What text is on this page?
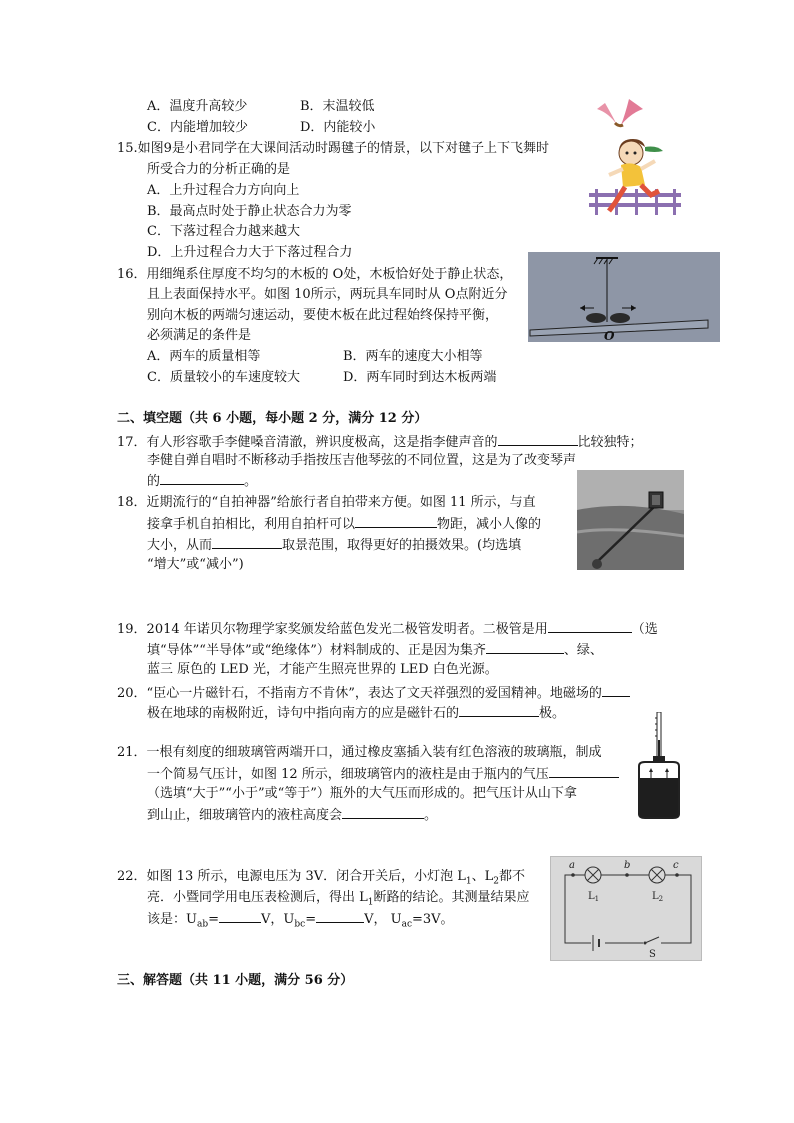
A．温度升高较少	B．末温较低
C．内能增加较少	D．内能较小
15.如图9是小君同学在大课间活动时踢毽子的情景，以下对毽子上下飞舞时
所受合力的分析正确的是
A．上升过程合力方向向上
B．最高点时处于静止状态合力为零
C．下落过程合力越来越大
D．上升过程合力大于下落过程合力
O
16．用细绳系住厚度不均匀的木板的 O处，木板恰好处于静止状态，
且上表面保持水平。如图 10所示，两玩具车同时从 O点附近分
别向木板的两端匀速运动，要使木板在此过程始终保持平衡，
必须满足的条件是
A．两车的质量相等	B．两车的速度大小相等
C．质量较小的车速度较大	D．两车同时到达木板两端
二、填空题（共 6 小题，每小题 2 分，满分 12 分）
17．有人形容歌手李健嗓音清澈，辨识度极高，这是指李健声音的	比较独特；
李健自弹自唱时不断移动手指按压吉他琴弦的不同位置，这是为了改变琴声
的	。
18．近期流行的“自拍神器”给旅行者自拍带来方便。如图 11 所示，与直
接拿手机自拍相比，利用自拍杆可以	物距，减小人像的
大小，从而	取景范围，取得更好的拍摄效果。(均选填
“增大”或“减小”)
19．2014 年诺贝尔物理学家奖颁发给蓝色发光二极管发明者。二极管是用	（选
填“导体”“半导体”或“绝缘体”）材料制成的、正是因为集齐	、绿、
蓝三 原色的 LED 光，才能产生照亮世界的 LED 白色光源。
20．“臣心一片磁针石，不指南方不肯休”，表达了文天祥强烈的爱国精神。地磁场的
极在地球的南极附近，诗句中指向南方的应是磁针石的	极。
21．一根有刻度的细玻璃管两端开口，通过橡皮塞插入装有红色溶液的玻璃瓶，制成
一个简易气压计，如图 12 所示，细玻璃管内的液柱是由于瓶内的气压
（选填“大于”“小于”或“等于”）瓶外的大气压而形成的。把气压计从山下拿
到山止，细玻璃管内的液柱高度会	。
a	b	c
$L_1$	$L_2$
S
22．如图 13 所示，电源电压为 3V．闭合开关后，小灯泡 $L_1$、$L_2$都不
亮．小暨同学用电压表检测后，得出 $L_1$断路的结论。其测量结果应
该是：$U_{ab}=$	V，$U_{bc}=$	V， $U_{ac}=3V$。
三、解答题（共 11 小题，满分 56 分）
